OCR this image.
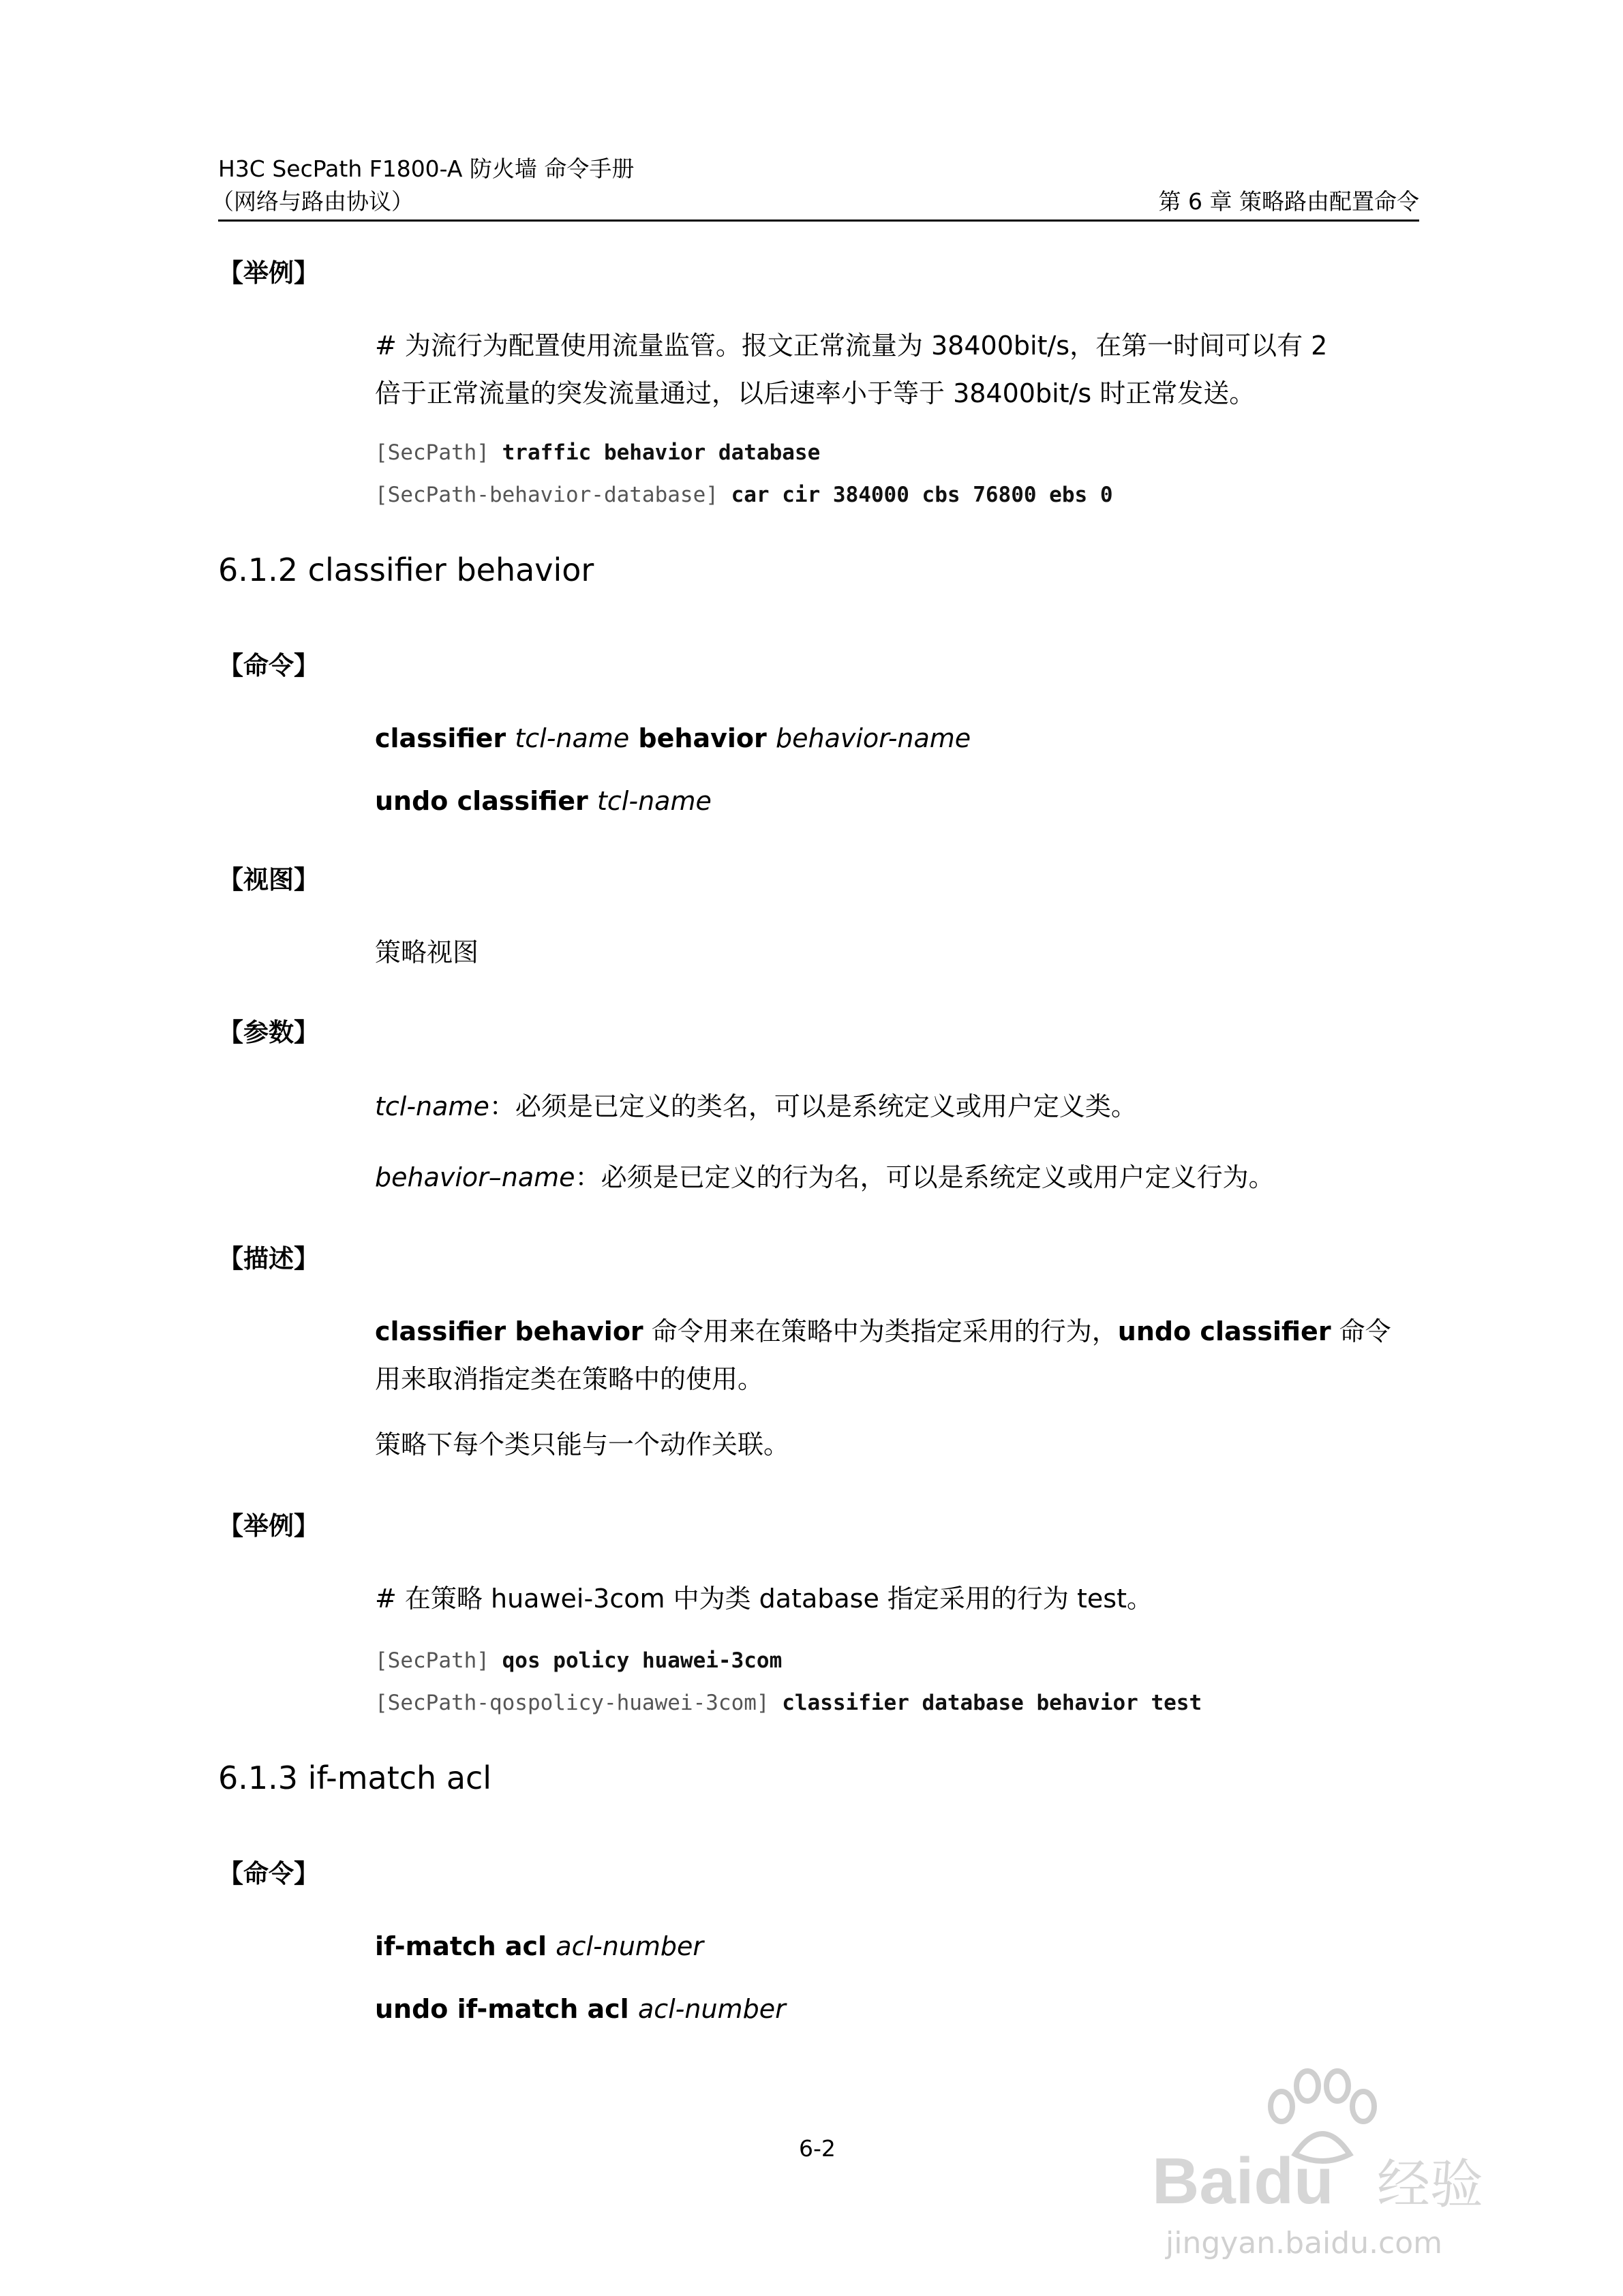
H3C SecPath F1800-A 防火墙 命令手册
（网络与路由协议）	第 6 章 策略路由配置命令
【举例】
# 为流行为配置使用流量监管。报文正常流量为 38400bit/s，在第一时间可以有 2
倍于正常流量的突发流量通过，以后速率小于等于 38400bit/s 时正常发送。
[SecPath] traffic behavior database
[SecPath-behavior-database] car cir 384000 cbs 76800 ebs 0
6.1.2 classifier behavior
【命令】
classifier tcl-name behavior behavior-name
undo classifier tcl-name
【视图】
策略视图
【参数】
tcl-name：必须是已定义的类名，可以是系统定义或用户定义类。
behavior–name：必须是已定义的行为名，可以是系统定义或用户定义行为。
【描述】
classifier behavior 命令用来在策略中为类指定采用的行为，undo classifier 命令
用来取消指定类在策略中的使用。
策略下每个类只能与一个动作关联。
【举例】
# 在策略 huawei-3com 中为类 database 指定采用的行为 test。
[SecPath] qos policy huawei-3com
[SecPath-qospolicy-huawei-3com] classifier database behavior test
6.1.3 if-match acl
【命令】
if-match acl acl-number
undo if-match acl acl-number
6-2	Baidu 经验
jingyan.baidu.com
